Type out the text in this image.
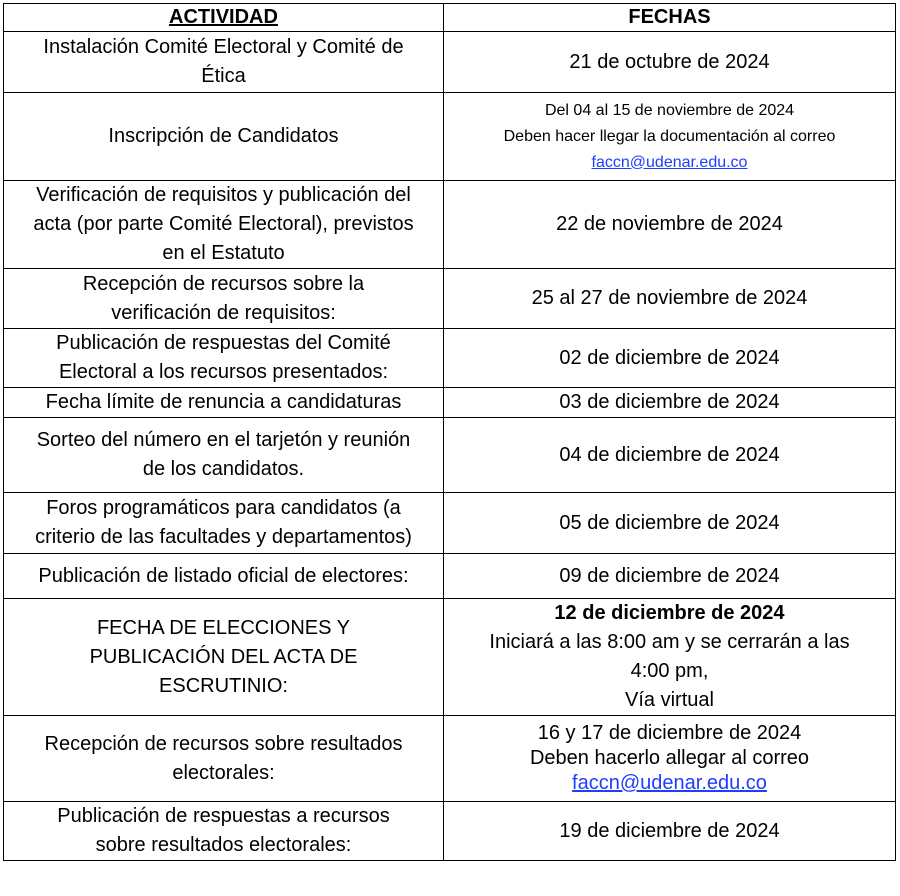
ACTIVIDAD	FECHAS

Instalación Comité Electoral y Comité de
Ética	21 de octubre de 2024

Inscripción de Candidatos	Del 04 al 15 de noviembre de 2024
Deben hacer llegar la documentación al correo
faccn@udenar.edu.co

Verificación de requisitos y publicación del
acta (por parte Comité Electoral), previstos
en el Estatuto	22 de noviembre de 2024

Recepción de recursos sobre la
verificación de requisitos:	25 al 27 de noviembre de 2024

Publicación de respuestas del Comité
Electoral a los recursos presentados:	02 de diciembre de 2024

Fecha límite de renuncia a candidaturas	03 de diciembre de 2024

Sorteo del número en el tarjetón y reunión
de los candidatos.	04 de diciembre de 2024

Foros programáticos para candidatos (a
criterio de las facultades y departamentos)	05 de diciembre de 2024

Publicación de listado oficial de electores:	09 de diciembre de 2024

FECHA DE ELECCIONES Y
PUBLICACIÓN DEL ACTA DE
ESCRUTINIO:	12 de diciembre de 2024
Iniciará a las 8:00 am y se cerrarán a las
4:00 pm,
Vía virtual

Recepción de recursos sobre resultados
electorales:	16 y 17 de diciembre de 2024
Deben hacerlo allegar al correo
faccn@udenar.edu.co

Publicación de respuestas a recursos
sobre resultados electorales:	19 de diciembre de 2024
